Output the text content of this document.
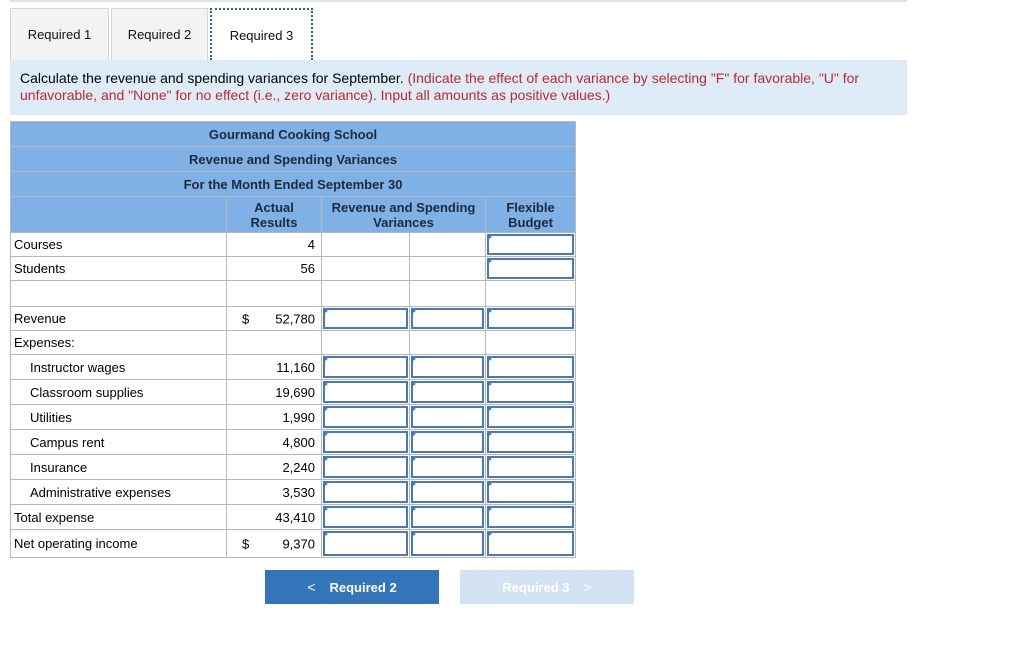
Required 1	Required 2	Required 3
Calculate the revenue and spending variances for September. (Indicate the effect of each variance by selecting "F" for favorable, "U" for unfavorable, and "None" for no effect (i.e., zero variance). Input all amounts as positive values.)
Gourmand Cooking School				
Revenue and Spending Variances				
For the Month Ended September 30				
	Actual Results	Revenue and Spending Variances		Flexible Budget
Courses	4			

Students	56			

Revenue	$ 52,780

Expenses:				
Instructor wages	11,160	

Classroom supplies	19,690	

Utilities	1,990	

Campus rent	4,800	

Insurance	2,240	

Administrative expenses	3,530	

Total expense	43,410	

Net operating income	$ 9,370

< Required 2	Required 3 >
